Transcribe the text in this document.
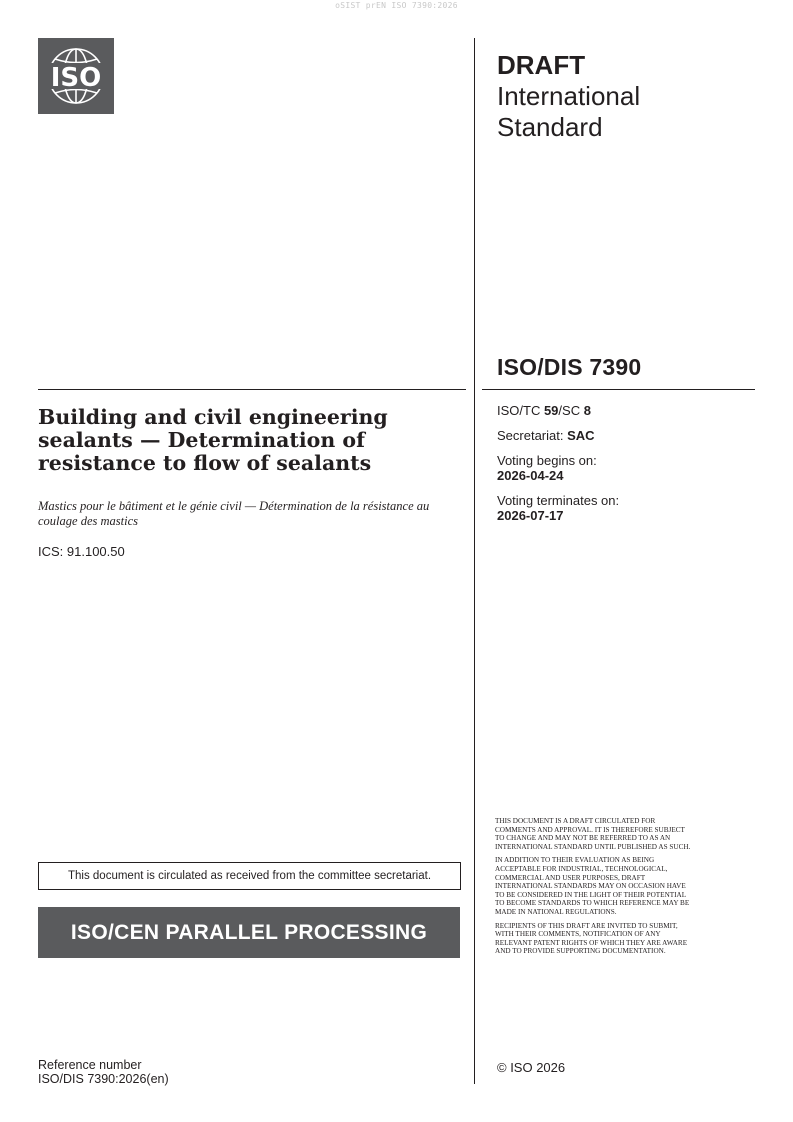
oSIST prEN ISO 7390:2026
ISO	DRAFT
International
Standard
ISO/DIS 7390
Building and civil engineering sealants — Determination of resistance to flow of sealants
Mastics pour le bâtiment et le génie civil — Détermination de la résistance au coulage des mastics
ICS: 91.100.50
ISO/TC 59/SC 8
Secretariat: SAC
Voting begins on:
2026-04-24
Voting terminates on:
2026-07-17
This document is circulated as received from the committee secretariat.
ISO/CEN PARALLEL PROCESSING

THIS DOCUMENT IS A DRAFT CIRCULATED FOR COMMENTS AND APPROVAL. IT IS THEREFORE SUBJECT TO CHANGE AND MAY NOT BE REFERRED TO AS AN INTERNATIONAL STANDARD UNTIL PUBLISHED AS SUCH.

IN ADDITION TO THEIR EVALUATION AS BEING ACCEPTABLE FOR INDUSTRIAL, TECHNOLOGICAL, COMMERCIAL AND USER PURPOSES, DRAFT INTERNATIONAL STANDARDS MAY ON OCCASION HAVE TO BE CONSIDERED IN THE LIGHT OF THEIR POTENTIAL TO BECOME STANDARDS TO WHICH REFERENCE MAY BE MADE IN NATIONAL REGULATIONS.

RECIPIENTS OF THIS DRAFT ARE INVITED TO SUBMIT, WITH THEIR COMMENTS, NOTIFICATION OF ANY RELEVANT PATENT RIGHTS OF WHICH THEY ARE AWARE AND TO PROVIDE SUPPORTING DOCUMENTATION.

© ISO 2026
Reference number
ISO/DIS 7390:2026(en)
